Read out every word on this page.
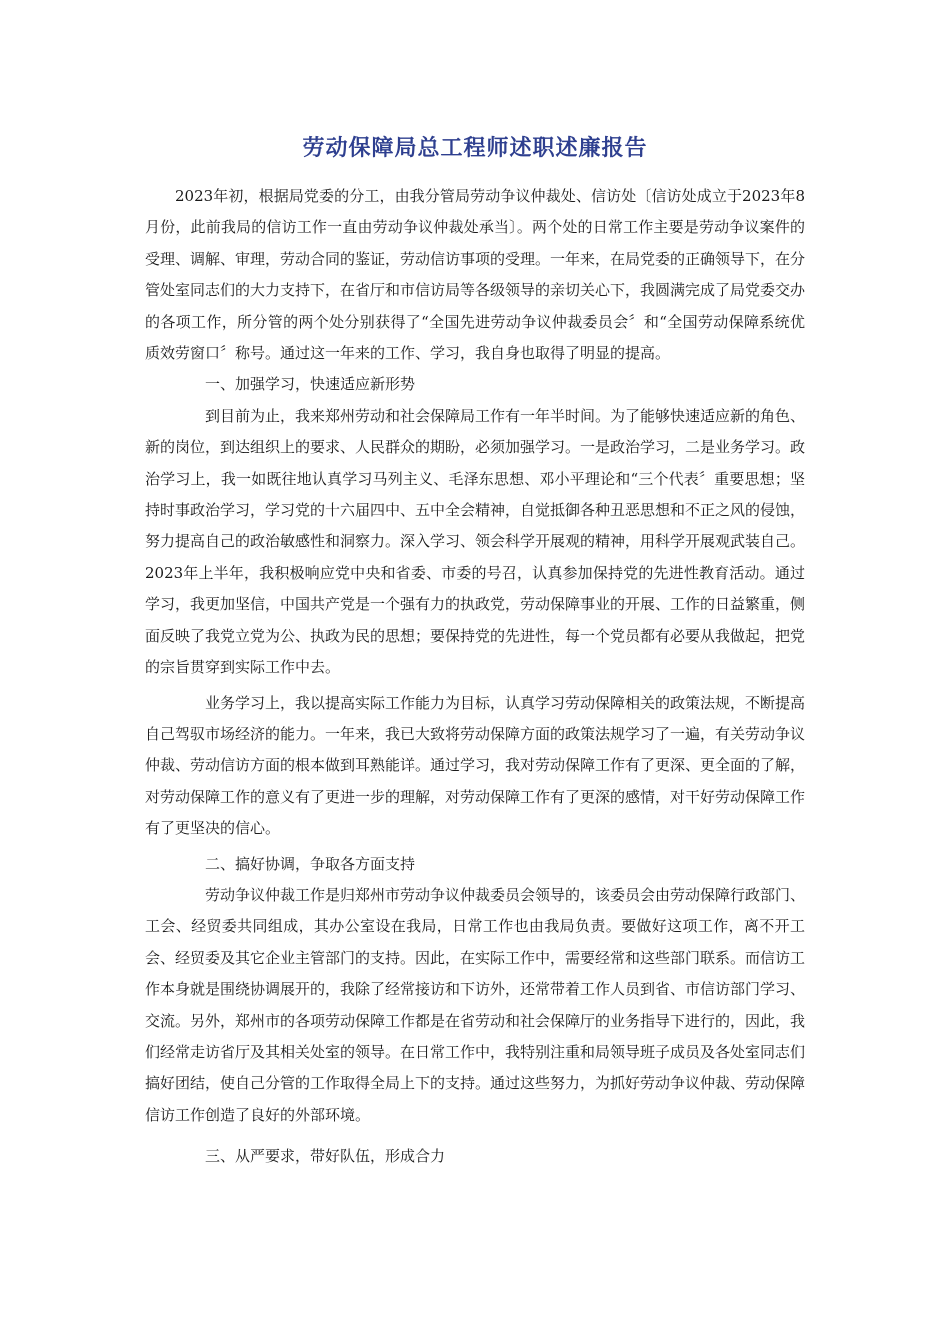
劳动保障局总工程师述职述廉报告

2023年初，根据局党委的分工，由我分管局劳动争议仲裁处、信访处〔信访处成立于2023年8月份，此前我局的信访工作一直由劳动争议仲裁处承当〕。两个处的日常工作主要是劳动争议案件的受理、调解、审理，劳动合同的鉴证，劳动信访事项的受理。一年来，在局党委的正确领导下，在分管处室同志们的大力支持下，在省厅和市信访局等各级领导的亲切关心下，我圆满完成了局党委交办的各项工作，所分管的两个处分别获得了“全国先进劳动争议仲裁委员会〞和“全国劳动保障系统优质效劳窗口〞称号。通过这一年来的工作、学习，我自身也取得了明显的提高。

一、加强学习，快速适应新形势

到目前为止，我来郑州劳动和社会保障局工作有一年半时间。为了能够快速适应新的角色、新的岗位，到达组织上的要求、人民群众的期盼，必须加强学习。一是政治学习，二是业务学习。政治学习上，我一如既往地认真学习马列主义、毛泽东思想、邓小平理论和“三个代表〞重要思想；坚持时事政治学习，学习党的十六届四中、五中全会精神，自觉抵御各种丑恶思想和不正之风的侵蚀，努力提高自己的政治敏感性和洞察力。深入学习、领会科学开展观的精神，用科学开展观武装自己。2023年上半年，我积极响应党中央和省委、市委的号召，认真参加保持党的先进性教育活动。通过学习，我更加坚信，中国共产党是一个强有力的执政党，劳动保障事业的开展、工作的日益繁重，侧面反映了我党立党为公、执政为民的思想；要保持党的先进性，每一个党员都有必要从我做起，把党的宗旨贯穿到实际工作中去。

业务学习上，我以提高实际工作能力为目标，认真学习劳动保障相关的政策法规，不断提高自己驾驭市场经济的能力。一年来，我已大致将劳动保障方面的政策法规学习了一遍，有关劳动争议仲裁、劳动信访方面的根本做到耳熟能详。通过学习，我对劳动保障工作有了更深、更全面的了解，对劳动保障工作的意义有了更进一步的理解，对劳动保障工作有了更深的感情，对干好劳动保障工作有了更坚决的信心。

二、搞好协调，争取各方面支持

劳动争议仲裁工作是归郑州市劳动争议仲裁委员会领导的，该委员会由劳动保障行政部门、工会、经贸委共同组成，其办公室设在我局，日常工作也由我局负责。要做好这项工作，离不开工会、经贸委及其它企业主管部门的支持。因此，在实际工作中，需要经常和这些部门联系。而信访工作本身就是围绕协调展开的，我除了经常接访和下访外，还常带着工作人员到省、市信访部门学习、交流。另外，郑州市的各项劳动保障工作都是在省劳动和社会保障厅的业务指导下进行的，因此，我们经常走访省厅及其相关处室的领导。在日常工作中，我特别注重和局领导班子成员及各处室同志们搞好团结，使自己分管的工作取得全局上下的支持。通过这些努力，为抓好劳动争议仲裁、劳动保障信访工作创造了良好的外部环境。

三、从严要求，带好队伍，形成合力
